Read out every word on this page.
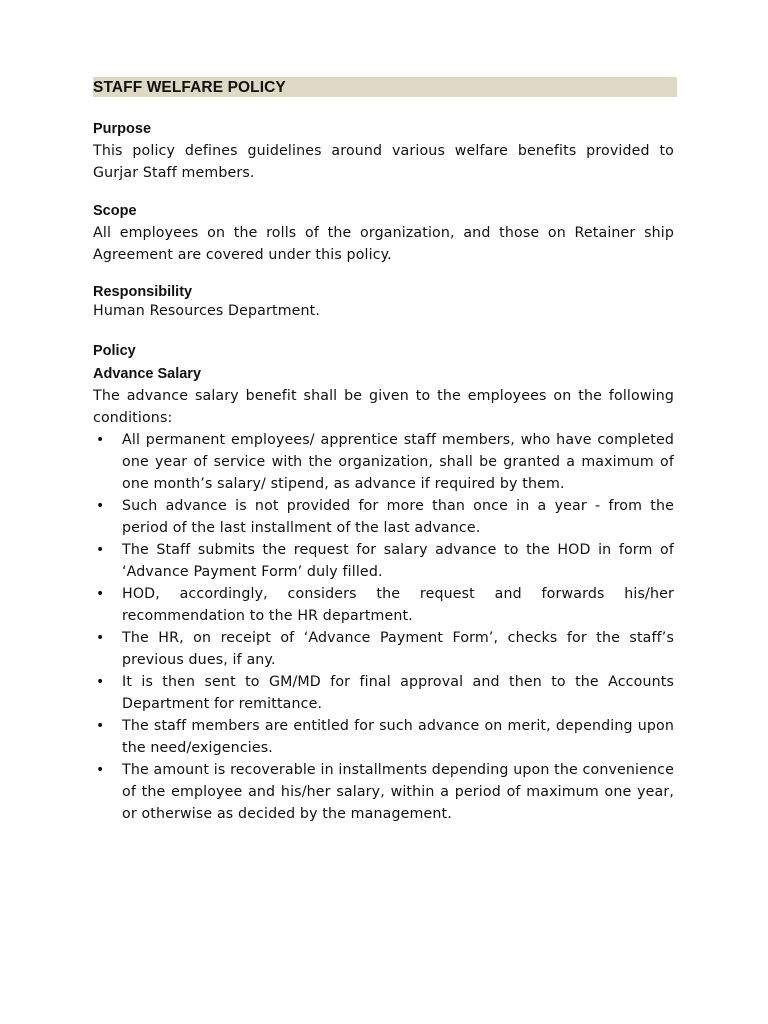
STAFF WELFARE POLICY
Purpose
This policy defines guidelines around various welfare benefits provided to Gurjar Staff members.
Scope
All employees on the rolls of the organization, and those on Retainer ship Agreement are covered under this policy.
Responsibility
Human Resources Department.
Policy
Advance Salary
The advance salary benefit shall be given to the employees on the following conditions:
• All permanent employees/ apprentice staff members, who have completed one year of service with the organization, shall be granted a maximum of one month’s salary/ stipend, as advance if required by them.
• Such advance is not provided for more than once in a year - from the period of the last installment of the last advance.
• The Staff submits the request for salary advance to the HOD in form of ‘Advance Payment Form’ duly filled.
• HOD, accordingly, considers the request and forwards his/her recommendation to the HR department.
• The HR, on receipt of ‘Advance Payment Form’, checks for the staff’s previous dues, if any.
• It is then sent to GM/MD for final approval and then to the Accounts Department for remittance.
• The staff members are entitled for such advance on merit, depending upon the need/exigencies.
• The amount is recoverable in installments depending upon the convenience of the employee and his/her salary, within a period of maximum one year, or otherwise as decided by the management.
